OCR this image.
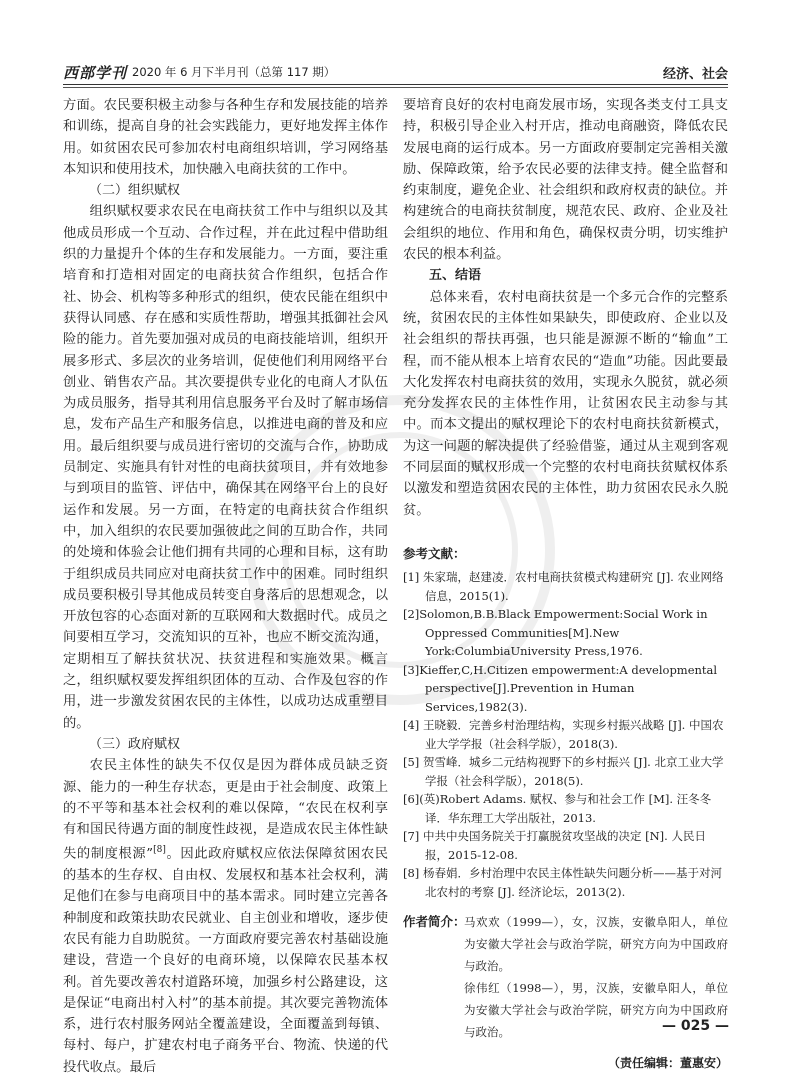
西部学刊 2020 年 6 月下半月刊（总第 117 期）	经济、社会

方面。农民要积极主动参与各种生存和发展技能的培养和训练，提高自身的社会实践能力，更好地发挥主体作用。如贫困农民可参加农村电商组织培训，学习网络基本知识和使用技术，加快融入电商扶贫的工作中。

（二）组织赋权

组织赋权要求农民在电商扶贫工作中与组织以及其他成员形成一个互动、合作过程，并在此过程中借助组织的力量提升个体的生存和发展能力。一方面，要注重培育和打造相对固定的电商扶贫合作组织，包括合作社、协会、机构等多种形式的组织，使农民能在组织中获得认同感、存在感和实质性帮助，增强其抵御社会风险的能力。首先要加强对成员的电商技能培训，组织开展多形式、多层次的业务培训，促使他们利用网络平台创业、销售农产品。其次要提供专业化的电商人才队伍为成员服务，指导其利用信息服务平台及时了解市场信息，发布产品生产和服务信息，以推进电商的普及和应用。最后组织要与成员进行密切的交流与合作，协助成员制定、实施具有针对性的电商扶贫项目，并有效地参与到项目的监管、评估中，确保其在网络平台上的良好运作和发展。另一方面，在特定的电商扶贫合作组织中，加入组织的农民要加强彼此之间的互助合作，共同的处境和体验会让他们拥有共同的心理和目标，这有助于组织成员共同应对电商扶贫工作中的困难。同时组织成员要积极引导其他成员转变自身落后的思想观念，以开放包容的心态面对新的互联网和大数据时代。成员之间要相互学习，交流知识的互补，也应不断交流沟通，定期相互了解扶贫状况、扶贫进程和实施效果。概言之，组织赋权要发挥组织团体的互动、合作及包容的作用，进一步激发贫困农民的主体性，以成功达成重塑目的。

（三）政府赋权

农民主体性的缺失不仅仅是因为群体成员缺乏资源、能力的一种生存状态，更是由于社会制度、政策上的不平等和基本社会权利的难以保障，“农民在权利享有和国民待遇方面的制度性歧视，是造成农民主体性缺失的制度根源”[8]。因此政府赋权应依法保障贫困农民的基本的生存权、自由权、发展权和基本社会权利，满足他们在参与电商项目中的基本需求。同时建立完善各种制度和政策扶助农民就业、自主创业和增收，逐步使农民有能力自助脱贫。一方面政府要完善农村基础设施建设，营造一个良好的电商环境，以保障农民基本权利。首先要改善农村道路环境，加强乡村公路建设，这是保证“电商出村入村”的基本前提。其次要完善物流体系，进行农村服务网站全覆盖建设，全面覆盖到每镇、每村、每户，扩建农村电子商务平台、物流、快递的代投代收点。最后

要培育良好的农村电商发展市场，实现各类支付工具支持，积极引导企业入村开店，推动电商融资，降低农民发展电商的运行成本。另一方面政府要制定完善相关激励、保障政策，给予农民必要的法律支持。健全监督和约束制度，避免企业、社会组织和政府权责的缺位。并构建统合的电商扶贫制度，规范农民、政府、企业及社会组织的地位、作用和角色，确保权责分明，切实维护农民的根本利益。

五、结语

总体来看，农村电商扶贫是一个多元合作的完整系统，贫困农民的主体性如果缺失，即使政府、企业以及社会组织的帮扶再强，也只能是源源不断的“输血”工程，而不能从根本上培育农民的“造血”功能。因此要最大化发挥农村电商扶贫的效用，实现永久脱贫，就必须充分发挥农民的主体性作用，让贫困农民主动参与其中。而本文提出的赋权理论下的农村电商扶贫新模式，为这一问题的解决提供了经验借鉴，通过从主观到客观不同层面的赋权形成一个完整的农村电商扶贫赋权体系以激发和塑造贫困农民的主体性，助力贫困农民永久脱贫。

参考文献：

[1] 朱家瑞，赵建凌．农村电商扶贫模式构建研究 [J]. 农业网络信息，2015(1).

[2]Solomon,B.B.Black Empowerment:Social Work in Oppressed Communities[M].New York:ColumbiaUniversity Press,1976.

[3]Kieffer,C,H.Citizen empowerment:A developmental perspective[J].Prevention in Human Services,1982(3).

[4] 王晓毅．完善乡村治理结构，实现乡村振兴战略 [J]. 中国农业大学学报（社会科学版），2018(3).

[5] 贺雪峰．城乡二元结构视野下的乡村振兴 [J]. 北京工业大学学报（社会科学版），2018(5).

[6](英)Robert Adams. 赋权、参与和社会工作 [M]. 汪冬冬译．华东理工大学出版社，2013.

[7] 中共中央国务院关于打赢脱贫攻坚战的决定 [N]. 人民日报，2015-12-08.

[8] 杨春娟．乡村治理中农民主体性缺失问题分析——基于对河北农村的考察 [J]. 经济论坛，2013(2).

作者简介：

马欢欢（1999—），女，汉族，安徽阜阳人，单位为安徽大学社会与政治学院，研究方向为中国政府与政治。

徐伟红（1998—），男，汉族，安徽阜阳人，单位为安徽大学社会与政治学院，研究方向为中国政府与政治。

（责任编辑：董惠安）
— 025 —
